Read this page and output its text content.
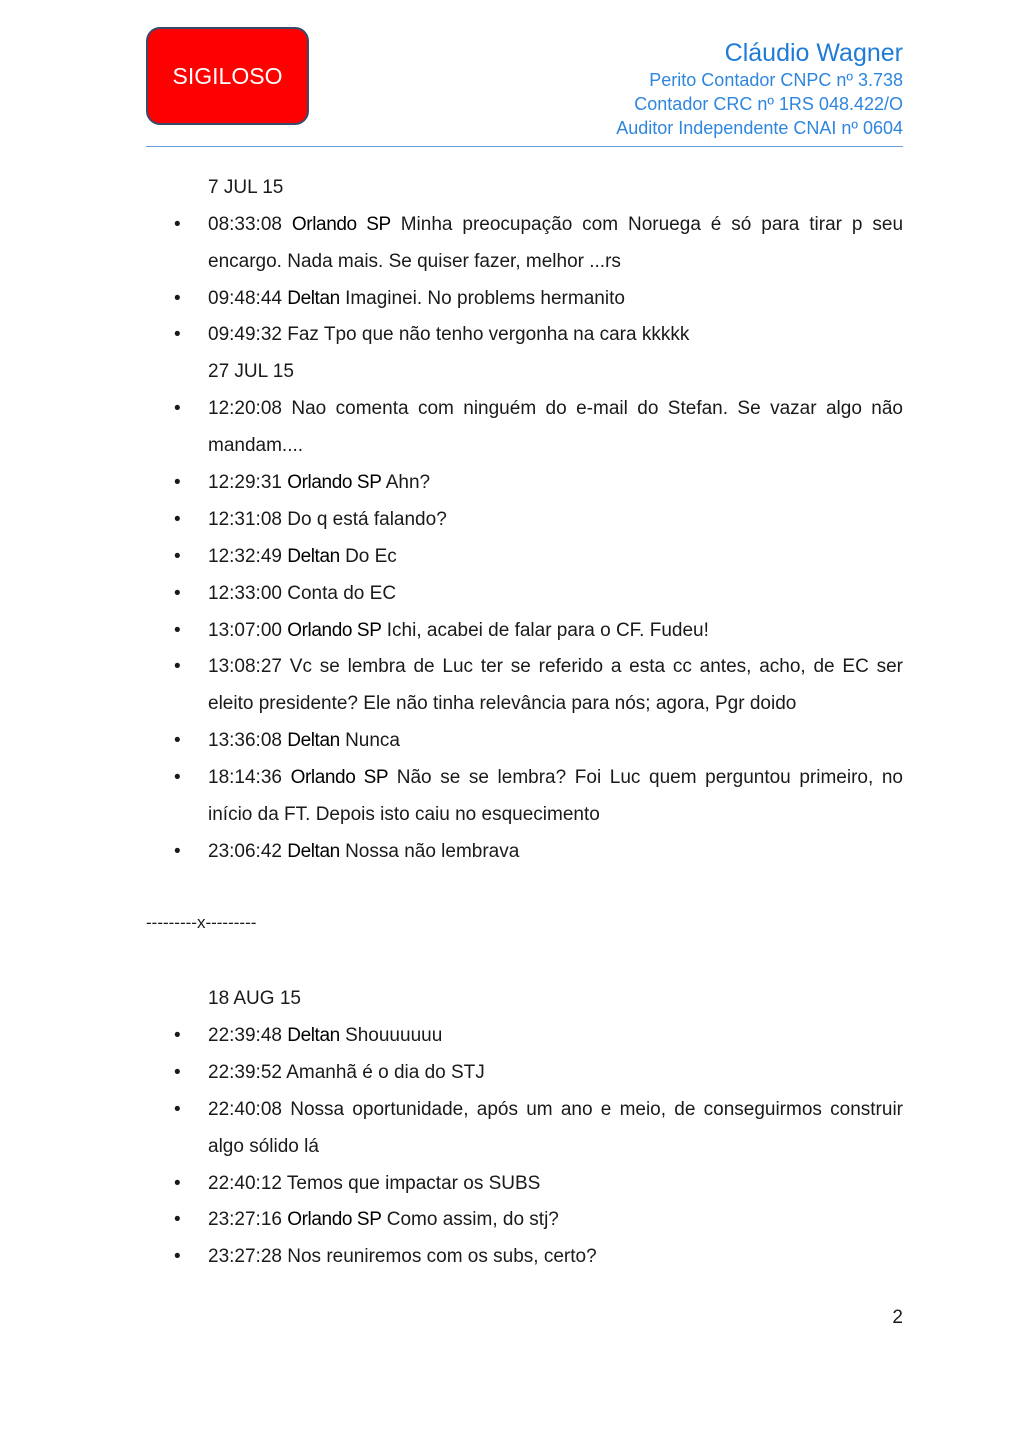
SIGILOSO
Cláudio Wagner
Perito Contador CNPC nº 3.738
Contador CRC nº 1RS 048.422/O
Auditor Independente CNAI nº 0604
7 JUL 15
• 08:33:08 Orlando SP Minha preocupação com Noruega é só para tirar p seu encargo. Nada mais. Se quiser fazer, melhor ...rs
• 09:48:44 Deltan Imaginei. No problems hermanito
• 09:49:32 Faz Tpo que não tenho vergonha na cara kkkkk
27 JUL 15
• 12:20:08 Nao comenta com ninguém do e-mail do Stefan. Se vazar algo não mandam....
• 12:29:31 Orlando SP Ahn?
• 12:31:08 Do q está falando?
• 12:32:49 Deltan Do Ec
• 12:33:00 Conta do EC
• 13:07:00 Orlando SP Ichi, acabei de falar para o CF. Fudeu!
• 13:08:27 Vc se lembra de Luc ter se referido a esta cc antes, acho, de EC ser eleito presidente? Ele não tinha relevância para nós; agora, Pgr doido
• 13:36:08 Deltan Nunca
• 18:14:36 Orlando SP Não se se lembra? Foi Luc quem perguntou primeiro, no início da FT. Depois isto caiu no esquecimento
• 23:06:42 Deltan Nossa não lembrava
---------x---------
18 AUG 15
• 22:39:48 Deltan Shouuuuuu
• 22:39:52 Amanhã é o dia do STJ
• 22:40:08 Nossa oportunidade, após um ano e meio, de conseguirmos construir algo sólido lá
• 22:40:12 Temos que impactar os SUBS
• 23:27:16 Orlando SP Como assim, do stj?
• 23:27:28 Nos reuniremos com os subs, certo?
2
